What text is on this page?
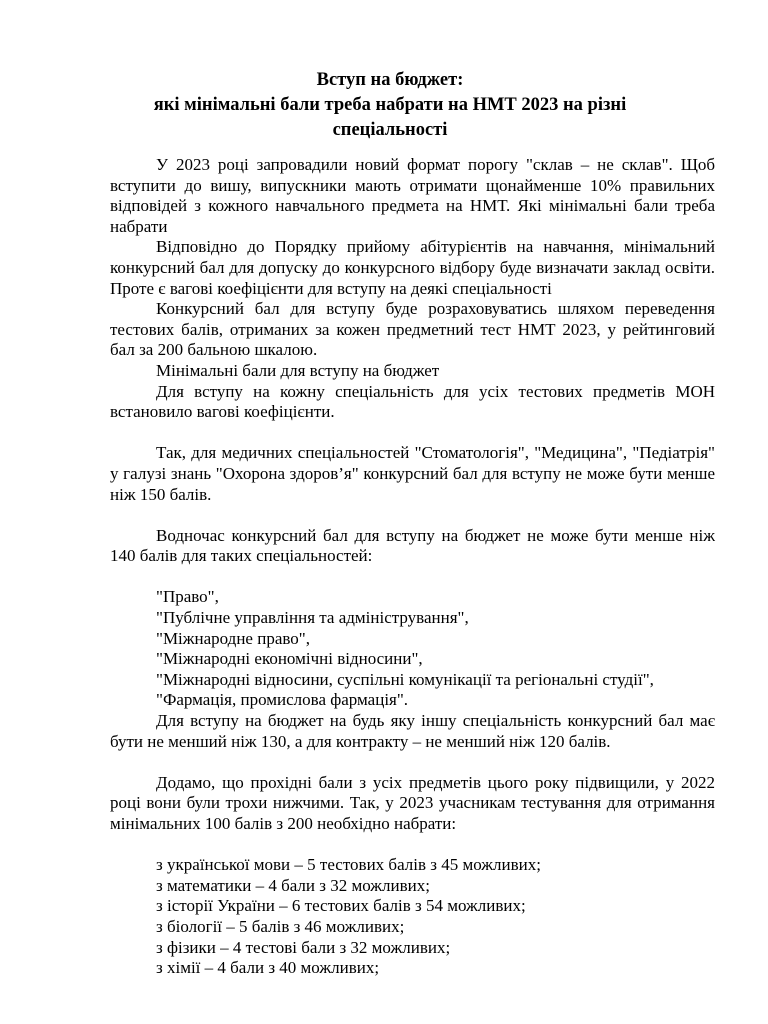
Вступ на бюджет:
які мінімальні бали треба набрати на НМТ 2023 на різні
спеціальності

У 2023 році запровадили новий формат порогу "склав – не склав". Щоб вступити до вишу, випускники мають отримати щонайменше 10% правильних відповідей з кожного навчального предмета на НМТ. Які мінімальні бали треба набрати

Відповідно до Порядку прийому абітурієнтів на навчання, мінімальний конкурсний бал для допуску до конкурсного відбору буде визначати заклад освіти. Проте є вагові коефіцієнти для вступу на деякі спеціальності

Конкурсний бал для вступу буде розраховуватись шляхом переведення тестових балів, отриманих за кожен предметний тест НМТ 2023, у рейтинговий бал за 200 бальною шкалою.

Мінімальні бали для вступу на бюджет

Для вступу на кожну спеціальність для усіх тестових предметів МОН встановило вагові коефіцієнти.

Так, для медичних спеціальностей "Стоматологія", "Медицина", "Педіатрія" у галузі знань "Охорона здоров’я" конкурсний бал для вступу не може бути менше ніж 150 балів.

Водночас конкурсний бал для вступу на бюджет не може бути менше ніж 140 балів для таких спеціальностей:

"Право",
"Публічне управління та адміністрування",
"Міжнародне право",
"Міжнародні економічні відносини",
"Міжнародні відносини, суспільні комунікації та регіональні студії",
"Фармація, промислова фармація".

Для вступу на бюджет на будь яку іншу спеціальність конкурсний бал має бути не менший ніж 130, а для контракту – не менший ніж 120 балів.

Додамо, що прохідні бали з усіх предметів цього року підвищили, у 2022 році вони були трохи нижчими. Так, у 2023 учасникам тестування для отримання мінімальних 100 балів з 200 необхідно набрати:

з української мови – 5 тестових балів з 45 можливих;
з математики – 4 бали з 32 можливих;
з історії України – 6 тестових балів з 54 можливих;
з біології – 5 балів з 46 можливих;
з фізики – 4 тестові бали з 32 можливих;
з хімії – 4 бали з 40 можливих;
